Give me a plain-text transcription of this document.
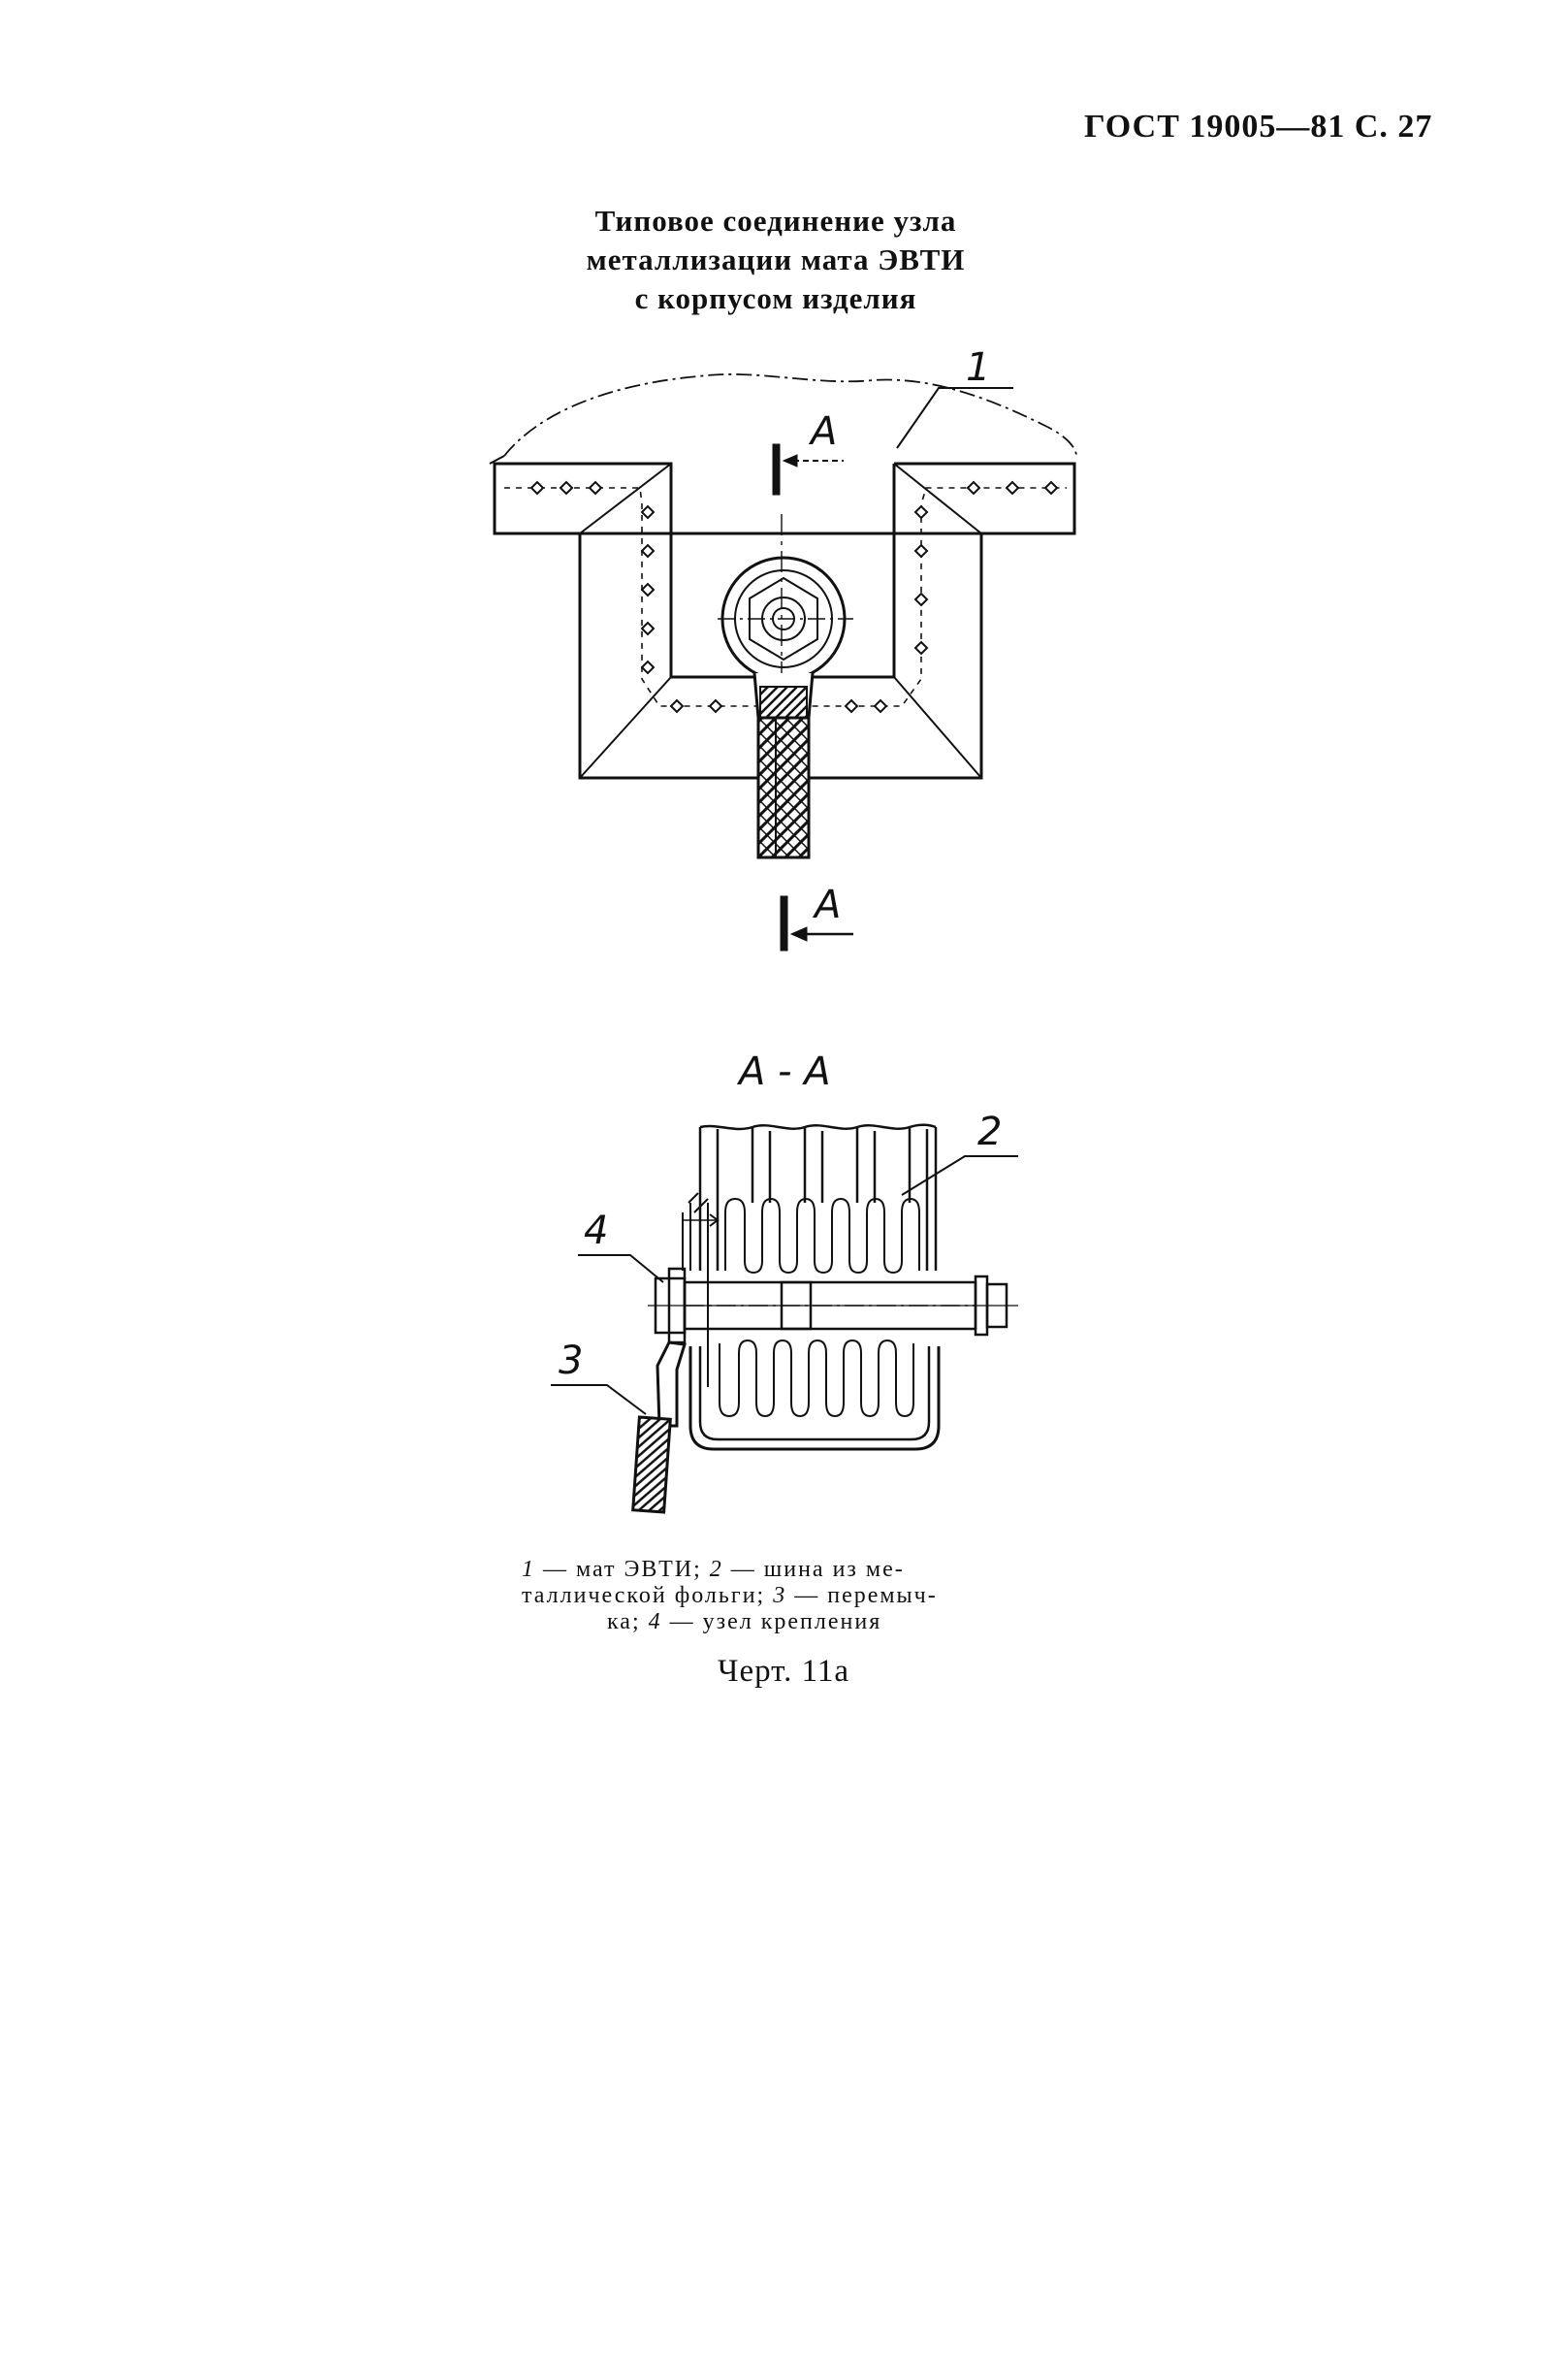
ГОСТ 19005—81 С. 27
Типовое соединение узла
металлизации мата ЭВТИ
с корпусом изделия
A
A
1
A - A
2
4
3
1 — мат ЭВТИ; 2 — шина из ме-
таллической фольги; 3 — перемыч-
ка; 4 — узел крепления
Черт. 11а
